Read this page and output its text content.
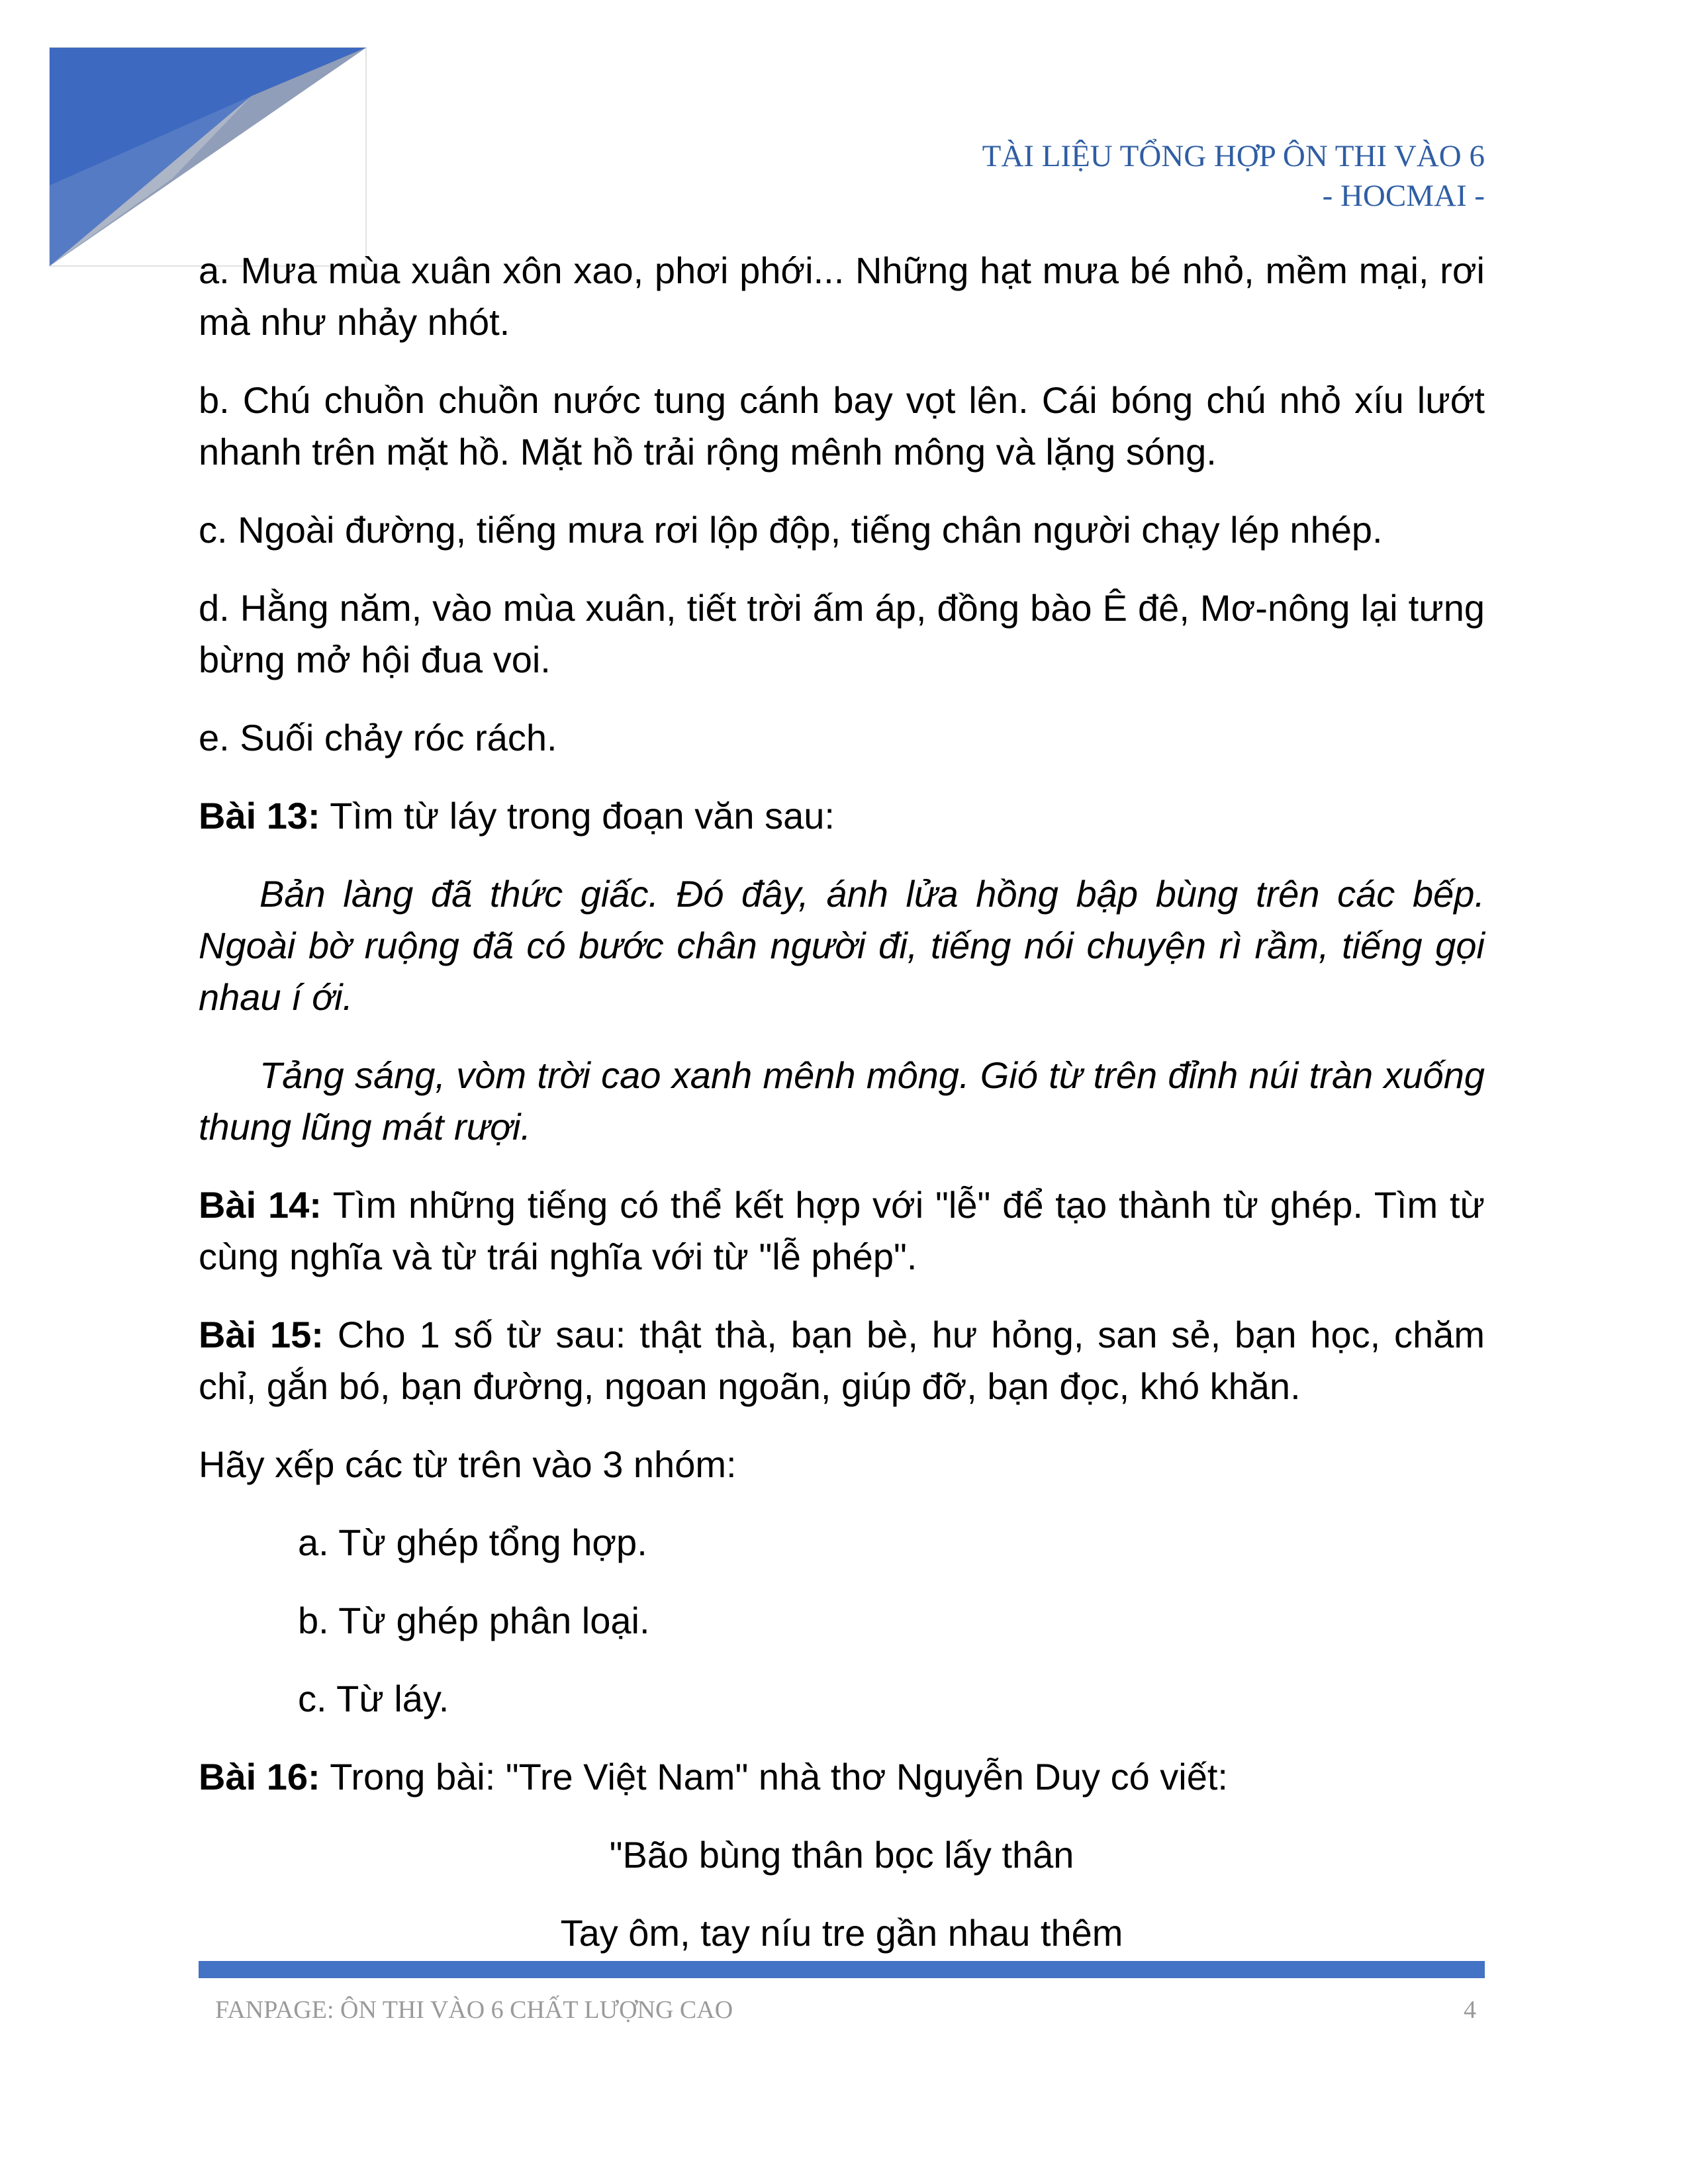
TÀI LIỆU TỔNG HỢP ÔN THI VÀO 6
- HOCMAI -

a. Mưa mùa xuân xôn xao, phơi phới... Những hạt mưa bé nhỏ, mềm mại, rơi mà như nhảy nhót.

b. Chú chuồn chuồn nước tung cánh bay vọt lên. Cái bóng chú nhỏ xíu lướt nhanh trên mặt hồ. Mặt hồ trải rộng mênh mông và lặng sóng.

c. Ngoài đường, tiếng mưa rơi lộp độp, tiếng chân người chạy lép nhép.

d. Hằng năm, vào mùa xuân, tiết trời ấm áp, đồng bào Ê đê, Mơ-nông lại tưng bừng mở hội đua voi.

e. Suối chảy róc rách.

Bài 13: Tìm từ láy trong đoạn văn sau:

Bản làng đã thức giấc. Đó đây, ánh lửa hồng bập bùng trên các bếp. Ngoài bờ ruộng đã có bước chân người đi, tiếng nói chuyện rì rầm, tiếng gọi nhau í ới.

Tảng sáng, vòm trời cao xanh mênh mông. Gió từ trên đỉnh núi tràn xuống thung lũng mát rượi.

Bài 14: Tìm những tiếng có thể kết hợp với "lễ" để tạo thành từ ghép. Tìm từ cùng nghĩa và từ trái nghĩa với từ "lễ phép".

Bài 15: Cho 1 số từ sau: thật thà, bạn bè, hư hỏng, san sẻ, bạn học, chăm chỉ, gắn bó, bạn đường, ngoan ngoãn, giúp đỡ, bạn đọc, khó khăn.

Hãy xếp các từ trên vào 3 nhóm:

a. Từ ghép tổng hợp.

b. Từ ghép phân loại.

c. Từ láy.

Bài 16: Trong bài: "Tre Việt Nam" nhà thơ Nguyễn Duy có viết:

"Bão bùng thân bọc lấy thân

Tay ôm, tay níu tre gần nhau thêm

FANPAGE: ÔN THI VÀO 6 CHẤT LƯỢNG CAO	4
